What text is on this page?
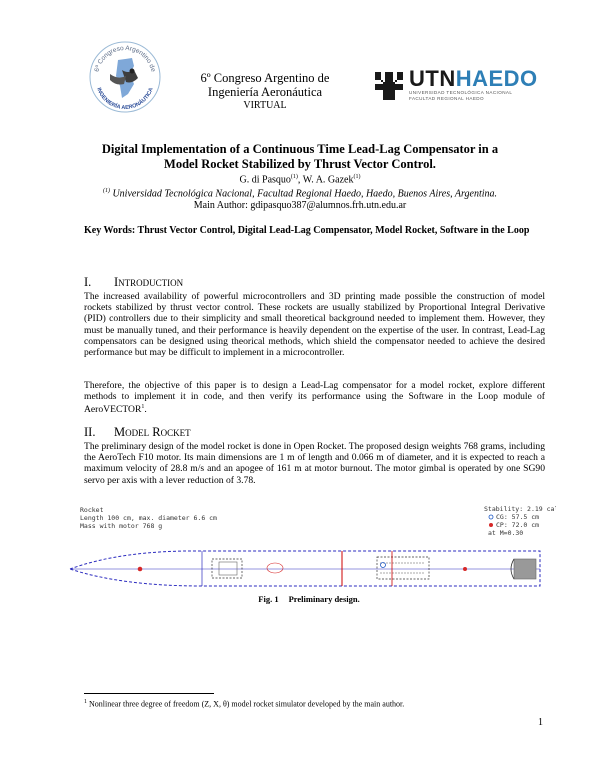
6º Congreso Argentino de
INGENIERÍA AERONÁUTICA
6º Congreso Argentino de
Ingeniería Aeronáutica
VIRTUAL
UTNHAEDO
UNIVERSIDAD TECNOLÓGICA NACIONAL
FACULTAD REGIONAL HAEDO
Digital Implementation of a Continuous Time Lead-Lag Compensator in a
Model Rocket Stabilized by Thrust Vector Control.
G. di Pasquo$^{(1)}$, W. A. Gazek$^{(1)}$
$^{(1)}$ Universidad Tecnológica Nacional, Facultad Regional Haedo, Haedo, Buenos Aires, Argentina.
Main Author: gdipasquo387@alumnos.frh.utn.edu.ar
Key Words: Thrust Vector Control, Digital Lead-Lag Compensator, Model Rocket, Software in the Loop
I. Introduction
The increased availability of powerful microcontrollers and 3D printing made possible the construction of model rockets stabilized by thrust vector control. These rockets are usually stabilized by Proportional Integral Derivative (PID) controllers due to their simplicity and small theoretical background needed to implement them. However, they must be manually tuned, and their performance is heavily dependent on the expertise of the user. In contrast, Lead-Lag compensators can be designed using theorical methods, which shield the compensator needed to achieve the desired performance but may be difficult to implement in a microcontroller.
Therefore, the objective of this paper is to design a Lead-Lag compensator for a model rocket, explore different methods to implement it in code, and then verify its performance using the Software in the Loop module of AeroVECTOR$^1$.
II. Model Rocket
The preliminary design of the model rocket is done in Open Rocket. The proposed design weights 768 grams, including the AeroTech F10 motor. Its main dimensions are 1 m of length and 0.066 m of diameter, and it is expected to reach a maximum velocity of 28.8 m/s and an apogee of 161 m at motor burnout. The motor gimbal is operated by one SG90 servo per axis with a lever reduction of 3.78.
Rocket
Length 100 cm, max. diameter 6.6 cm
Mass with motor 768 g
Stability: 2.19 cal
CG: 57.5 cm
CP: 72.0 cm
at M=0.30
Fig. 1 Preliminary design.
$^1$ Nonlinear three degree of freedom (Z, X, θ) model rocket simulator developed by the main author.
1
